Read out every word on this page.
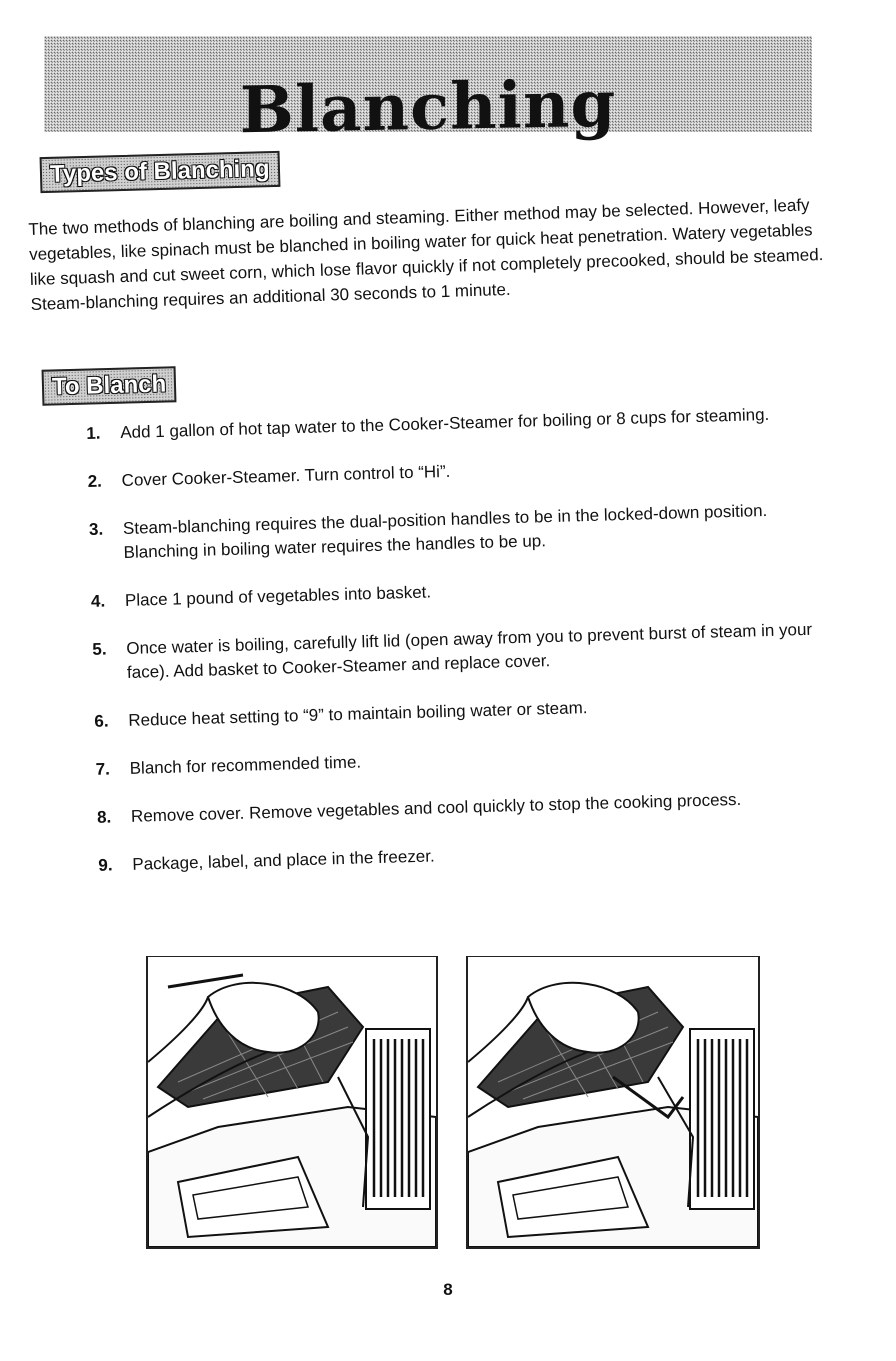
Blanching
Types of Blanching

The two methods of blanching are boiling and steaming. Either method may be selected. However, leafy vegetables, like spinach must be blanched in boiling water for quick heat penetration. Watery vegetables like squash and cut sweet corn, which lose flavor quickly if not completely precooked, should be steamed. Steam-blanching requires an additional 30 seconds to 1 minute.

To Blanch
1. Add 1 gallon of hot tap water to the Cooker-Steamer for boiling or 8 cups for steaming.
2. Cover Cooker-Steamer. Turn control to “Hi”.
3. Steam-blanching requires the dual-position handles to be in the locked-down position. Blanching in boiling water requires the handles to be up.
4. Place 1 pound of vegetables into basket.
5. Once water is boiling, carefully lift lid (open away from you to prevent burst of steam in your face). Add basket to Cooker-Steamer and replace cover.
6. Reduce heat setting to “9” to maintain boiling water or steam.
7. Blanch for recommended time.
8. Remove cover. Remove vegetables and cool quickly to stop the cooking process.
9. Package, label, and place in the freezer.
8
